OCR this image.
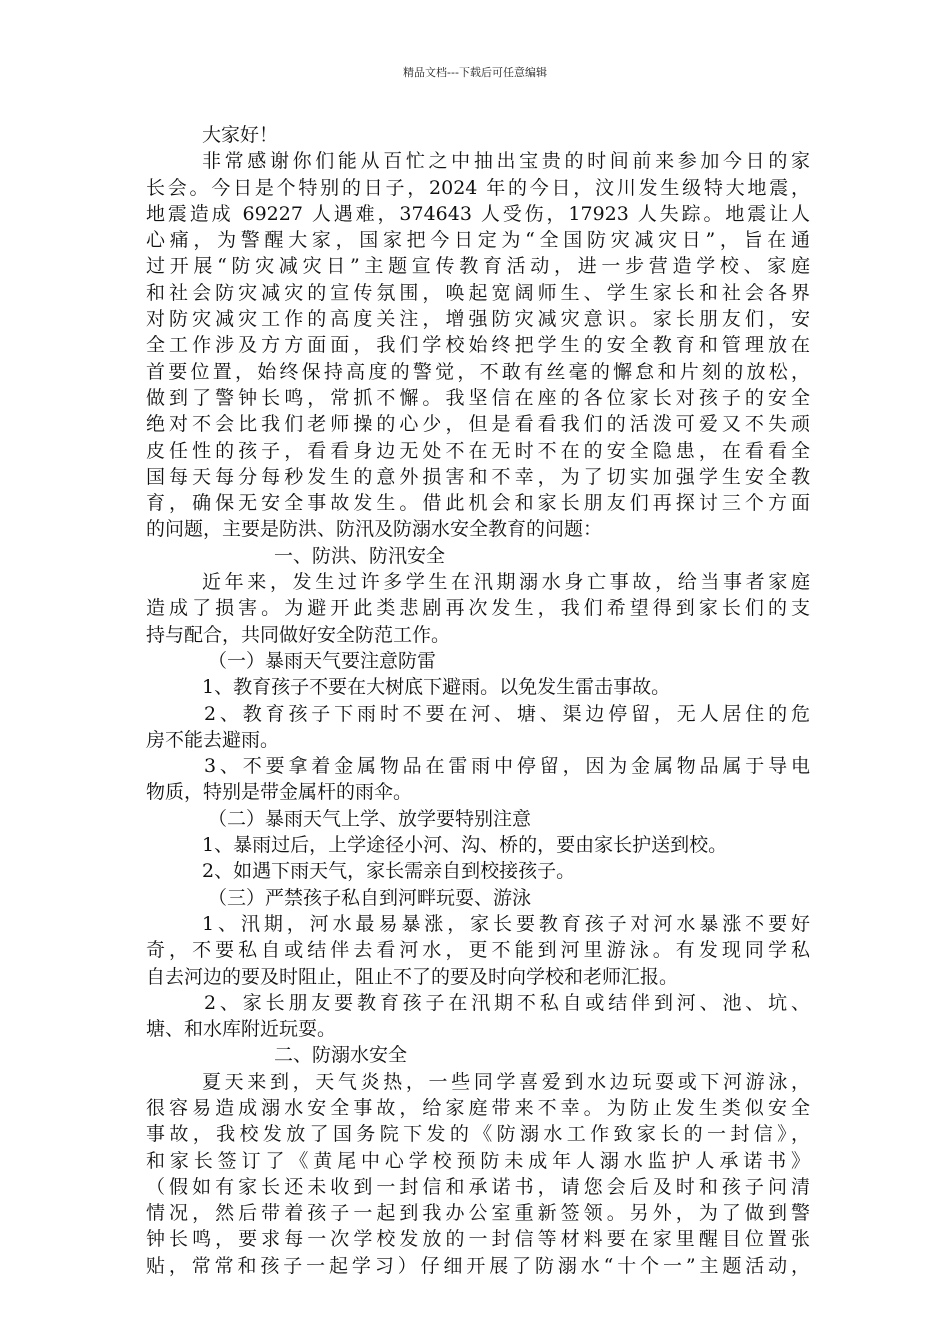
精品文档---下载后可任意编辑
大家好！
非常感谢你们能从百忙之中抽出宝贵的时间前来参加今日的家
长会。今日是个特别的日子，2024 年的今日，汶川发生级特大地震，
地震造成 69227 人遇难，374643 人受伤，17923 人失踪。地震让人
心痛，为警醒大家，国家把今日定为“全国防灾减灾日”，旨在通
过开展“防灾减灾日”主题宣传教育活动，进一步营造学校、家庭
和社会防灾减灾的宣传氛围，唤起宽阔师生、学生家长和社会各界
对防灾减灾工作的高度关注，增强防灾减灾意识。家长朋友们，安
全工作涉及方方面面，我们学校始终把学生的安全教育和管理放在
首要位置，始终保持高度的警觉，不敢有丝毫的懈怠和片刻的放松，
做到了警钟长鸣，常抓不懈。我坚信在座的各位家长对孩子的安全
绝对不会比我们老师操的心少，但是看看我们的活泼可爱又不失顽
皮任性的孩子，看看身边无处不在无时不在的安全隐患，在看看全
国每天每分每秒发生的意外损害和不幸，为了切实加强学生安全教
育，确保无安全事故发生。借此机会和家长朋友们再探讨三个方面
的问题，主要是防洪、防汛及防溺水安全教育的问题：
一、防洪、防汛安全
近年来，发生过许多学生在汛期溺水身亡事故，给当事者家庭
造成了损害。为避开此类悲剧再次发生，我们希望得到家长们的支
持与配合，共同做好安全防范工作。
（一）暴雨天气要注意防雷
1、教育孩子不要在大树底下避雨。以免发生雷击事故。
2、教育孩子下雨时不要在河、塘、渠边停留，无人居住的危
房不能去避雨。
3、不要拿着金属物品在雷雨中停留，因为金属物品属于导电
物质，特别是带金属杆的雨伞。
（二）暴雨天气上学、放学要特别注意
1、暴雨过后，上学途径小河、沟、桥的，要由家长护送到校。
2、如遇下雨天气，家长需亲自到校接孩子。
（三）严禁孩子私自到河畔玩耍、游泳
1、汛期，河水最易暴涨，家长要教育孩子对河水暴涨不要好
奇，不要私自或结伴去看河水，更不能到河里游泳。有发现同学私
自去河边的要及时阻止，阻止不了的要及时向学校和老师汇报。
2、家长朋友要教育孩子在汛期不私自或结伴到河、池、坑、
塘、和水库附近玩耍。
二、防溺水安全
夏天来到，天气炎热，一些同学喜爱到水边玩耍或下河游泳，
很容易造成溺水安全事故，给家庭带来不幸。为防止发生类似安全
事故，我校发放了国务院下发的《防溺水工作致家长的一封信》，
和家长签订了《黄尾中心学校预防未成年人溺水监护人承诺书》
（假如有家长还未收到一封信和承诺书，请您会后及时和孩子问清
情况，然后带着孩子一起到我办公室重新签领。另外，为了做到警
钟长鸣，要求每一次学校发放的一封信等材料要在家里醒目位置张
贴，常常和孩子一起学习）仔细开展了防溺水“十个一”主题活动，
